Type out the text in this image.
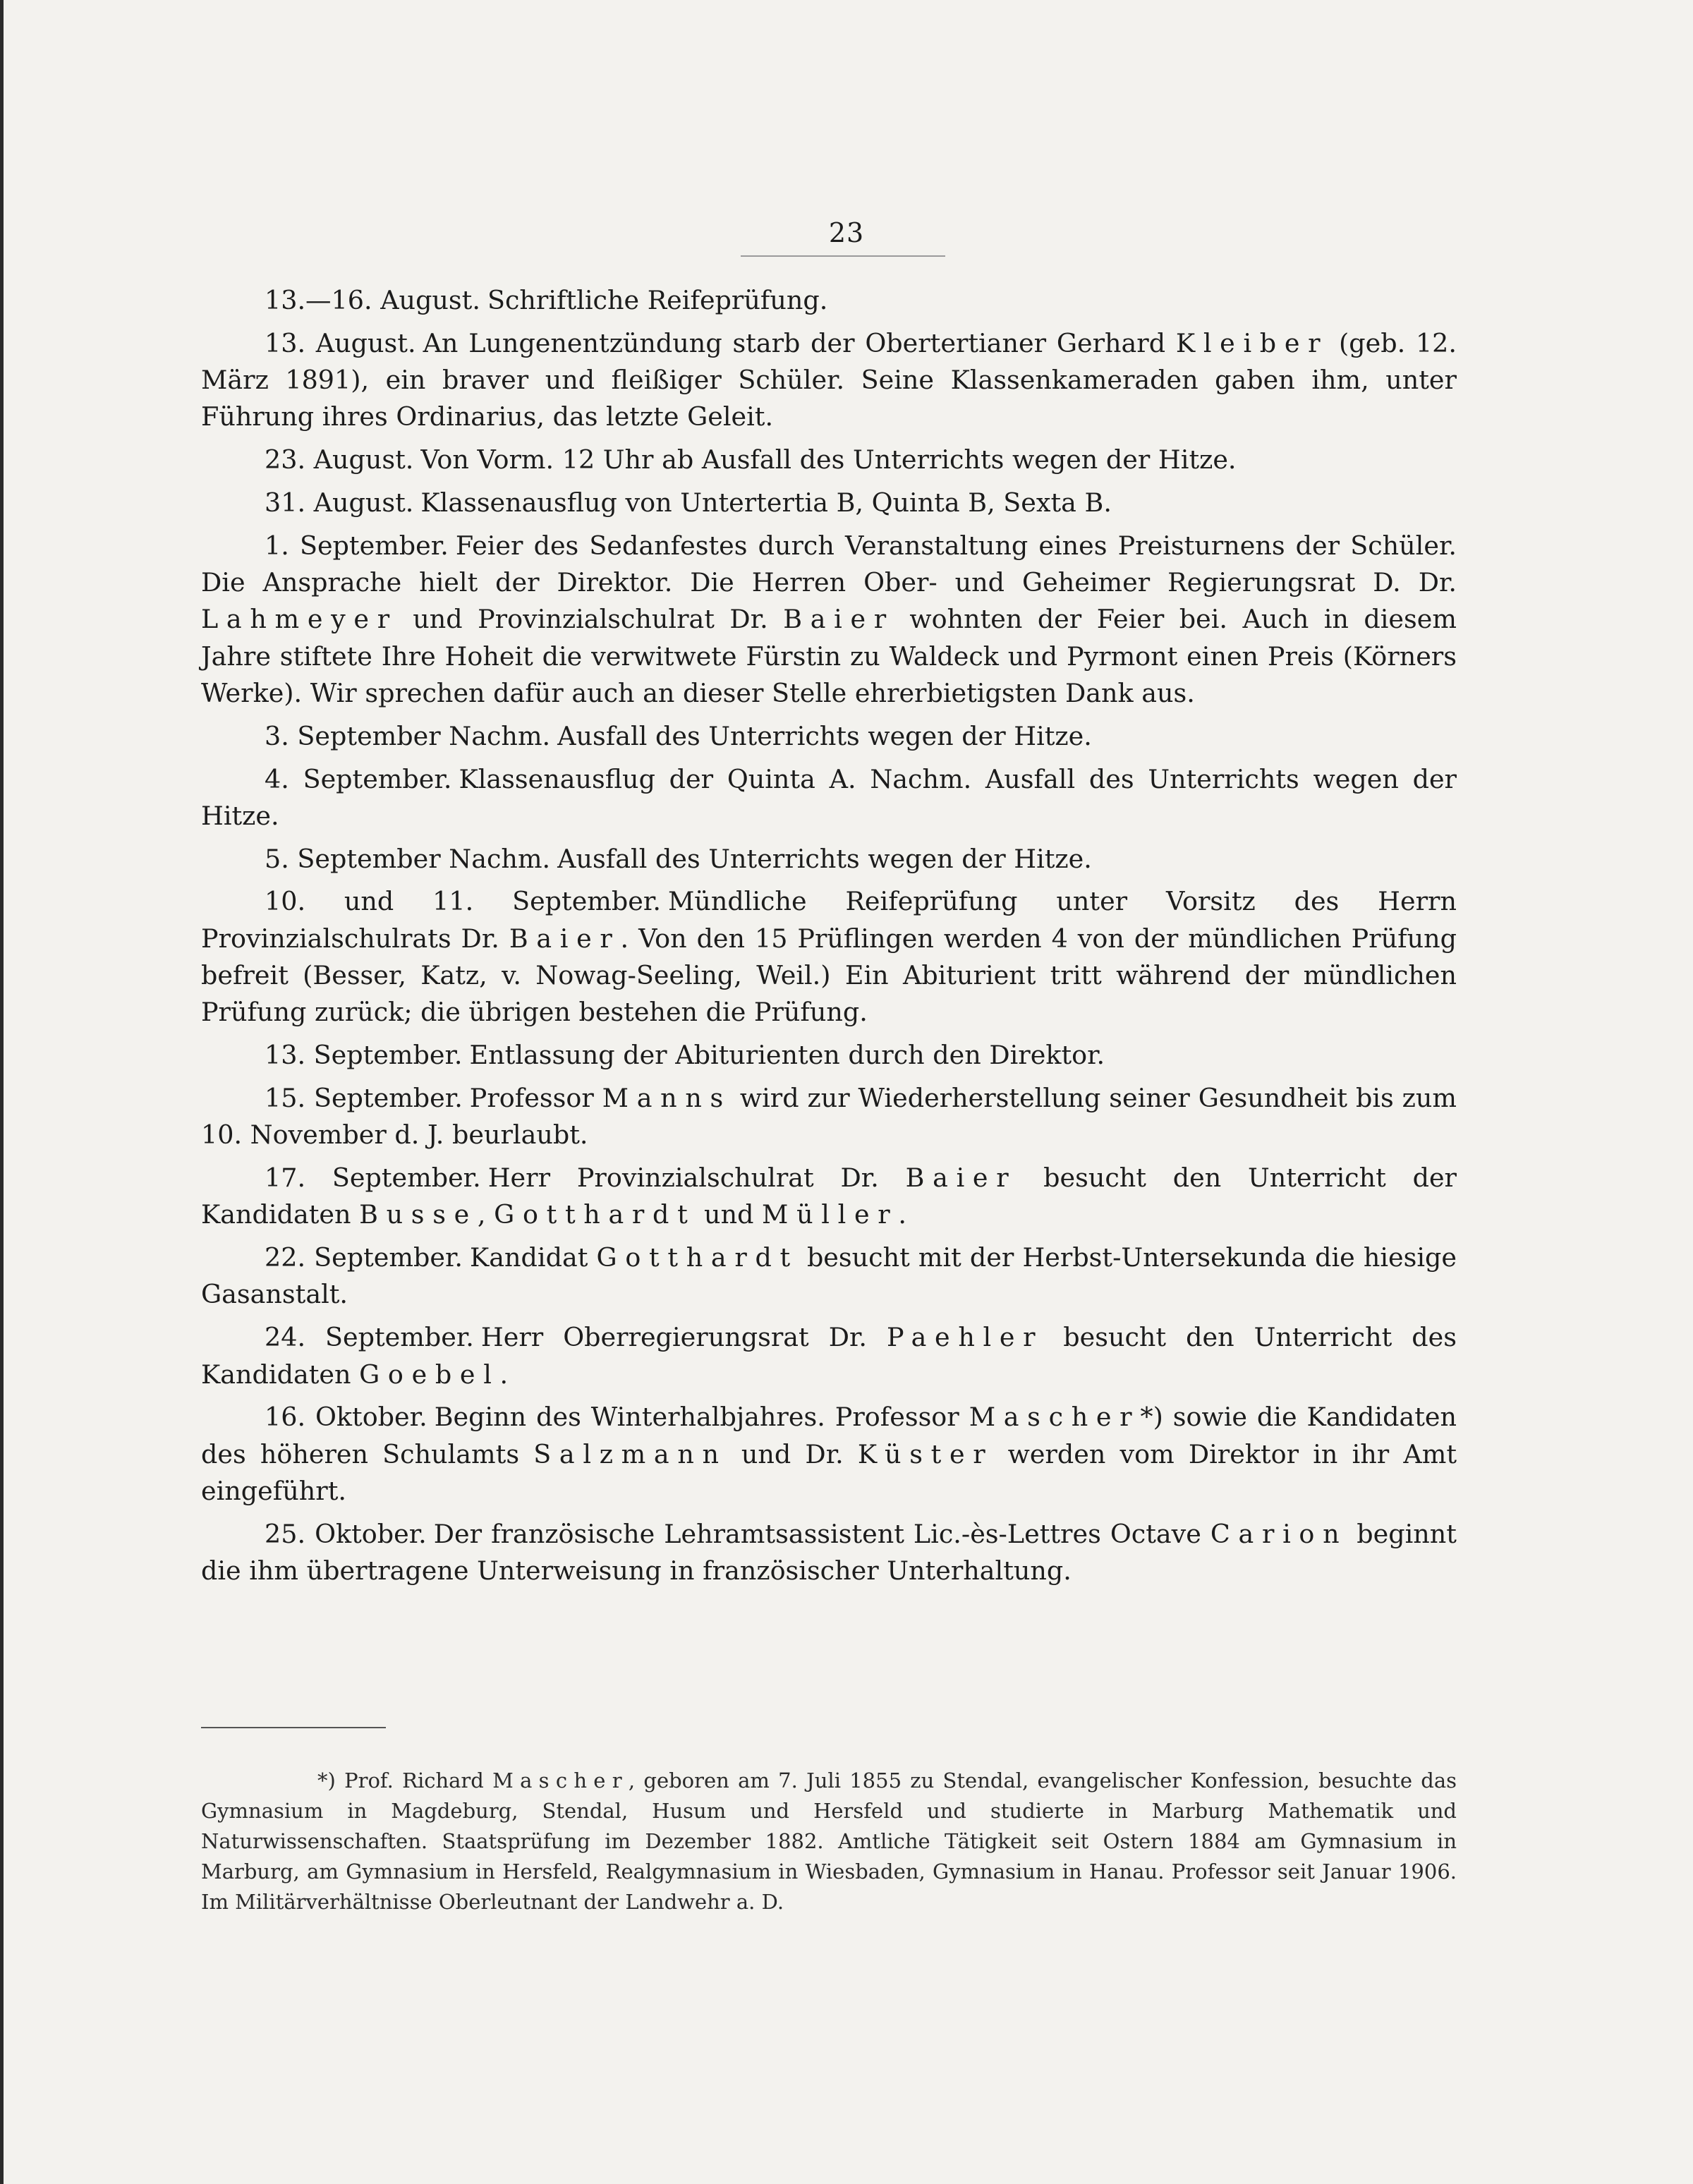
23

13.—16. August. Schriftliche Reifeprüfung.

13. August. An Lungenentzündung starb der Obertertianer Gerhard Kleiber (geb. 12. März 1891), ein braver und fleißiger Schüler. Seine Klassenkameraden gaben ihm, unter Führung ihres Ordinarius, das letzte Geleit.

23. August. Von Vorm. 12 Uhr ab Ausfall des Unterrichts wegen der Hitze.

31. August. Klassenausflug von Untertertia B, Quinta B, Sexta B.

1. September. Feier des Sedanfestes durch Veranstaltung eines Preisturnens der Schüler. Die Ansprache hielt der Direktor. Die Herren Ober- und Geheimer Regierungsrat D. Dr. Lahmeyer und Provinzialschulrat Dr. Baier wohnten der Feier bei. Auch in diesem Jahre stiftete Ihre Hoheit die verwitwete Fürstin zu Waldeck und Pyrmont einen Preis (Körners Werke). Wir sprechen dafür auch an dieser Stelle ehrerbietigsten Dank aus.

3. September Nachm. Ausfall des Unterrichts wegen der Hitze.

4. September. Klassenausflug der Quinta A. Nachm. Ausfall des Unterrichts wegen der Hitze.

5. September Nachm. Ausfall des Unterrichts wegen der Hitze.

10. und 11. September. Mündliche Reifeprüfung unter Vorsitz des Herrn Provinzialschulrats Dr. Baier. Von den 15 Prüflingen werden 4 von der mündlichen Prüfung befreit (Besser, Katz, v. Nowag-Seeling, Weil.) Ein Abiturient tritt während der mündlichen Prüfung zurück; die übrigen bestehen die Prüfung.

13. September. Entlassung der Abiturienten durch den Direktor.

15. September. Professor Manns wird zur Wiederherstellung seiner Gesundheit bis zum 10. November d. J. beurlaubt.

17. September. Herr Provinzialschulrat Dr. Baier besucht den Unterricht der Kandidaten Busse, Gotthardt und Müller.

22. September. Kandidat Gotthardt besucht mit der Herbst-Untersekunda die hiesige Gasanstalt.

24. September. Herr Oberregierungsrat Dr. Paehler besucht den Unterricht des Kandidaten Goebel.

16. Oktober. Beginn des Winterhalbjahres. Professor Mascher*) sowie die Kandidaten des höheren Schulamts Salzmann und Dr. Küster werden vom Direktor in ihr Amt eingeführt.

25. Oktober. Der französische Lehramtsassistent Lic.-ès-Lettres Octave Carion beginnt die ihm übertragene Unterweisung in französischer Unterhaltung.

*) Prof. Richard Mascher, geboren am 7. Juli 1855 zu Stendal, evangelischer Konfession, besuchte das Gymnasium in Magdeburg, Stendal, Husum und Hersfeld und studierte in Marburg Mathematik und Naturwissenschaften. Staatsprüfung im Dezember 1882. Amtliche Tätigkeit seit Ostern 1884 am Gymnasium in Marburg, am Gymnasium in Hersfeld, Realgymnasium in Wiesbaden, Gymnasium in Hanau. Professor seit Januar 1906. Im Militärverhältnisse Oberleutnant der Landwehr a. D.
